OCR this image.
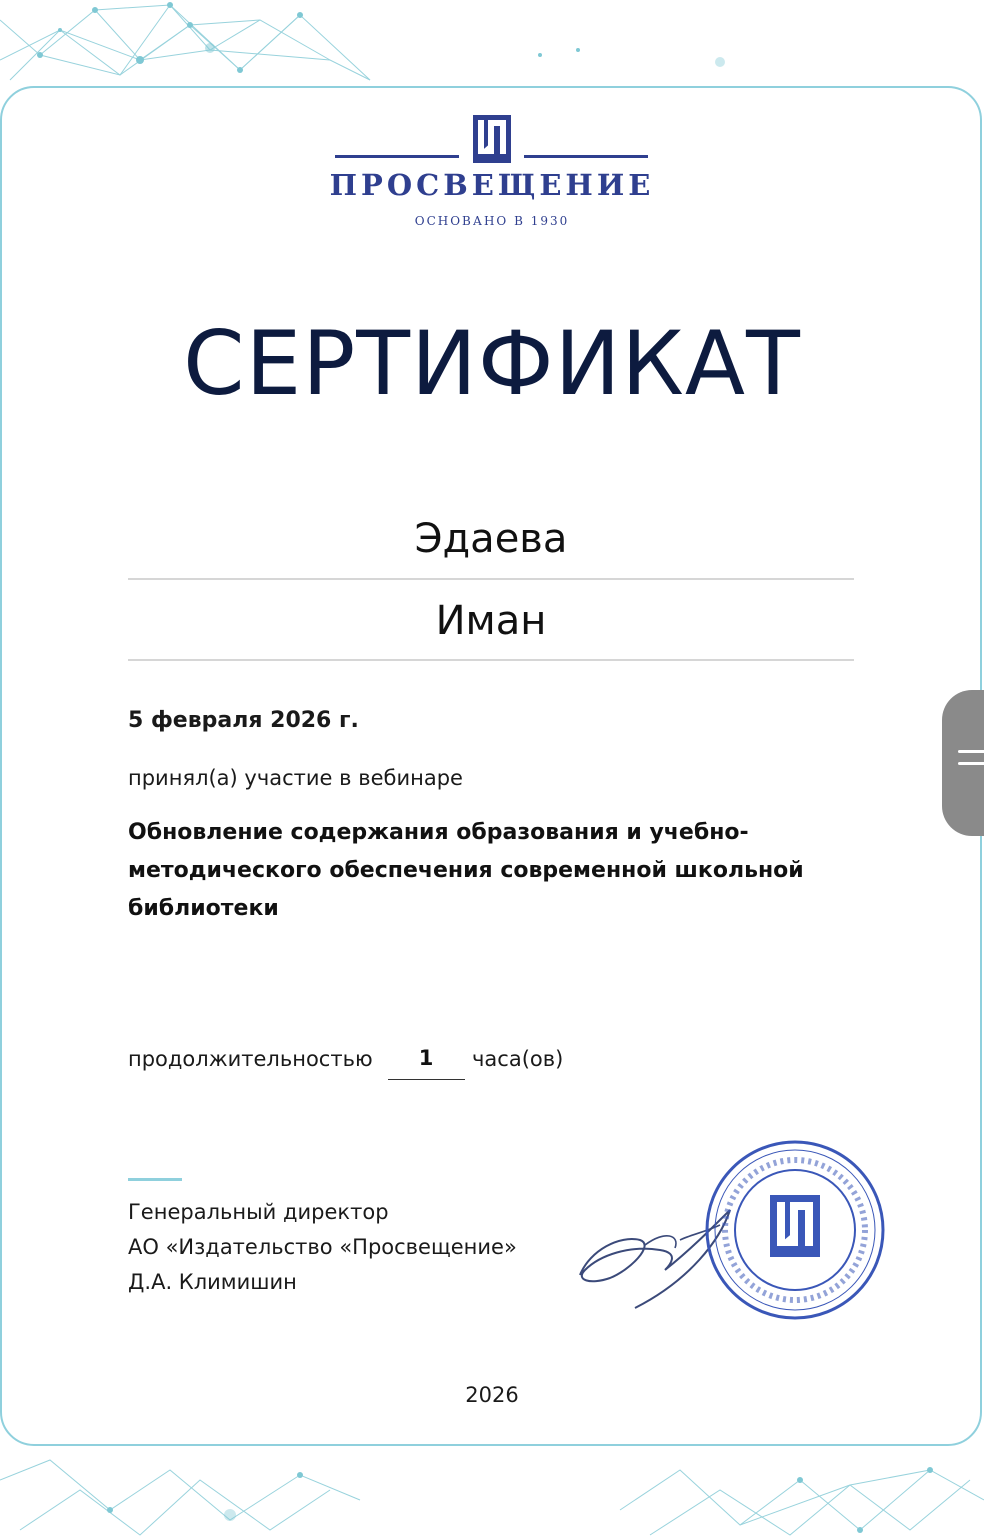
ПРОСВЕЩЕНИЕ
ОСНОВАНО В 1930
СЕРТИФИКАТ
Эдаева
Иман
5 февраля 2026 г.
принял(а) участие в вебинаре
Обновление содержания образования и учебно-методического обеспечения современной школьной библиотеки
продолжительностью	1	часа(ов)
Генеральный директор
АО «Издательство «Просвещение»
Д.А. Климишин
2026
